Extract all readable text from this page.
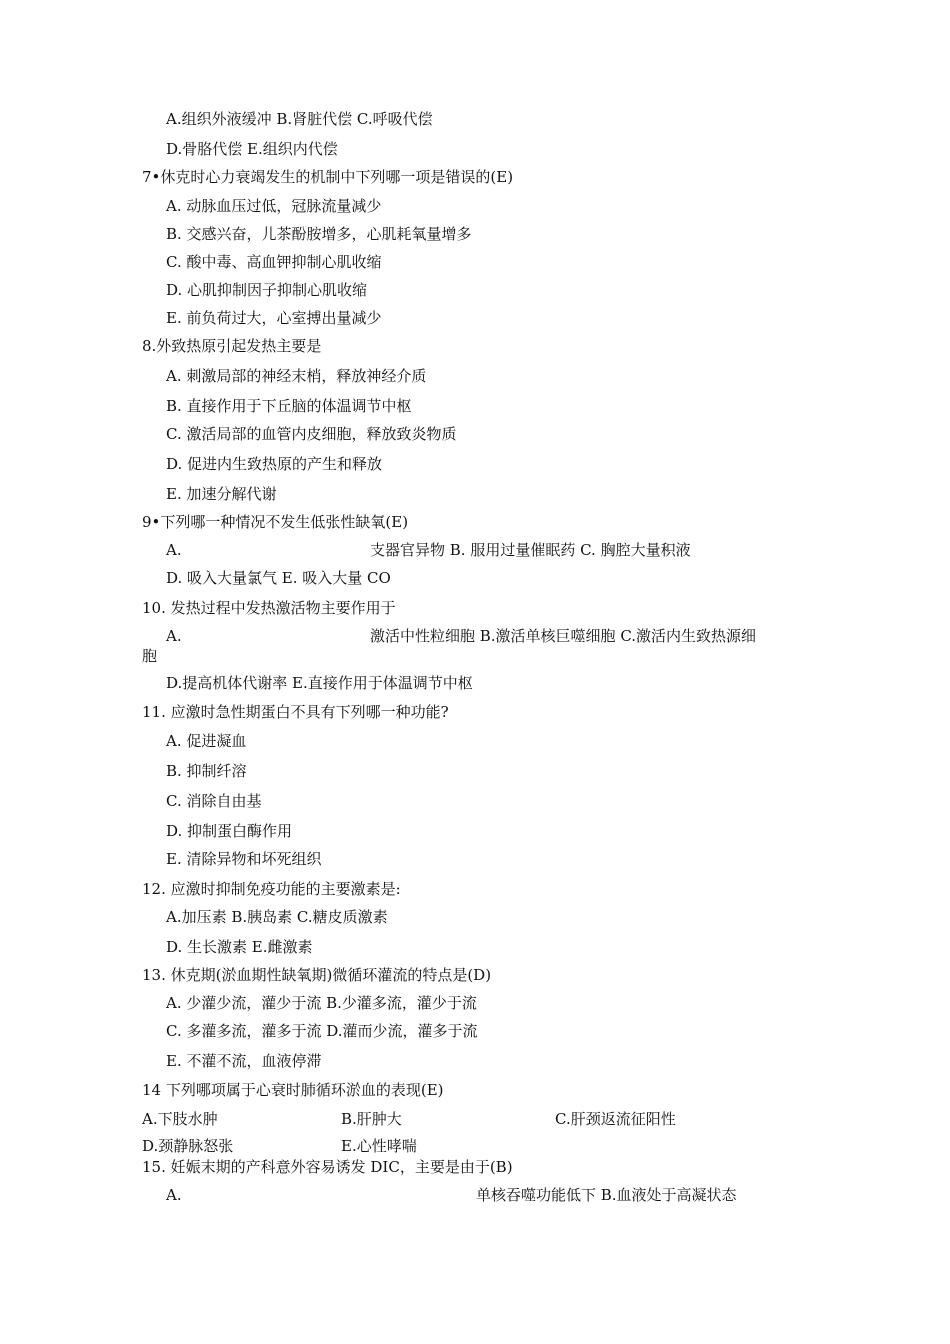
A.组织外液缓冲 B.肾脏代偿 C.呼吸代偿
D.骨胳代偿 E.组织内代偿
7•休克时心力衰竭发生的机制中下列哪一项是错误的(E)
A. 动脉血压过低，冠脉流量减少
B. 交感兴奋，儿茶酚胺增多，心肌耗氧量增多
C. 酸中毒、高血钾抑制心肌收缩
D. 心肌抑制因子抑制心肌收缩
E. 前负荷过大，心室搏出量减少
8.外致热原引起发热主要是
A. 刺激局部的神经末梢，释放神经介质
B. 直接作用于下丘脑的体温调节中枢
C. 激活局部的血管内皮细胞，释放致炎物质
D. 促进内生致热原的产生和释放
E. 加速分解代谢
9•下列哪一种情况不发生低张性缺氧(E)
A.	支器官异物 B. 服用过量催眠药 C. 胸腔大量积液
D. 吸入大量氯气 E. 吸入大量 CO
10. 发热过程中发热激活物主要作用于
A.	激活中性粒细胞 B.激活单核巨噬细胞 C.激活内生致热源细
胞
D.提高机体代谢率 E.直接作用于体温调节中枢
11. 应激时急性期蛋白不具有下列哪一种功能?
A. 促进凝血
B. 抑制纤溶
C. 消除自由基
D. 抑制蛋白酶作用
E. 清除异物和坏死组织
12. 应激时抑制免疫功能的主要激素是:
A.加压素 B.胰岛素 C.糖皮质激素
D. 生长激素 E.雌激素
13. 休克期(淤血期性缺氧期)微循环灌流的特点是(D)
A. 少灌少流，灌少于流 B.少灌多流，灌少于流
C. 多灌多流，灌多于流 D.灌而少流，灌多于流
E. 不灌不流，血液停滞
14 下列哪项属于心衰时肺循环淤血的表现(E)
A.下肢水肿	B.肝肿大	C.肝颈返流征阳性
D.颈静脉怒张	E.心性哮喘
15. 妊娠末期的产科意外容易诱发 DIC，主要是由于(B)
A.	单核吞噬功能低下 B.血液处于高凝状态
